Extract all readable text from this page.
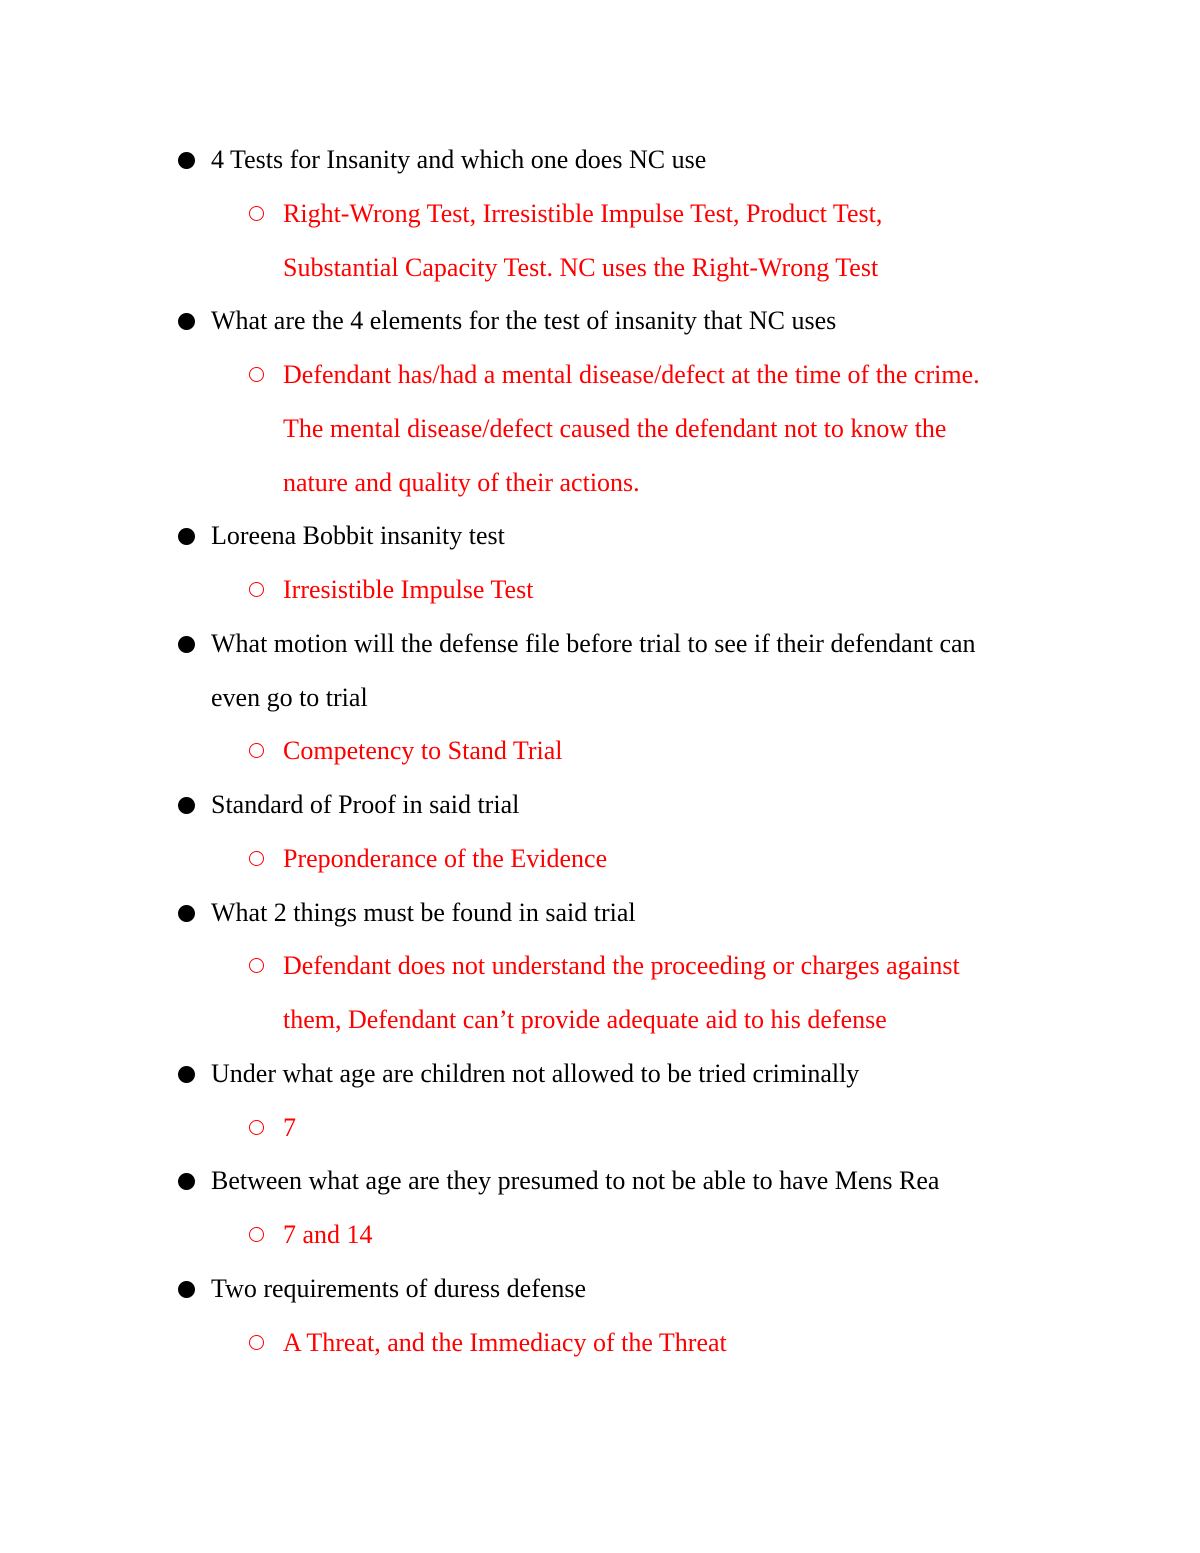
4 Tests for Insanity and which one does NC use
Right-Wrong Test, Irresistible Impulse Test, Product Test,
Substantial Capacity Test. NC uses the Right-Wrong Test
What are the 4 elements for the test of insanity that NC uses
Defendant has/had a mental disease/defect at the time of the crime.
The mental disease/defect caused the defendant not to know the
nature and quality of their actions.
Loreena Bobbit insanity test
Irresistible Impulse Test
What motion will the defense file before trial to see if their defendant can
even go to trial
Competency to Stand Trial
Standard of Proof in said trial
Preponderance of the Evidence
What 2 things must be found in said trial
Defendant does not understand the proceeding or charges against
them, Defendant can’t provide adequate aid to his defense
Under what age are children not allowed to be tried criminally
7
Between what age are they presumed to not be able to have Mens Rea
7 and 14
Two requirements of duress defense
A Threat, and the Immediacy of the Threat
